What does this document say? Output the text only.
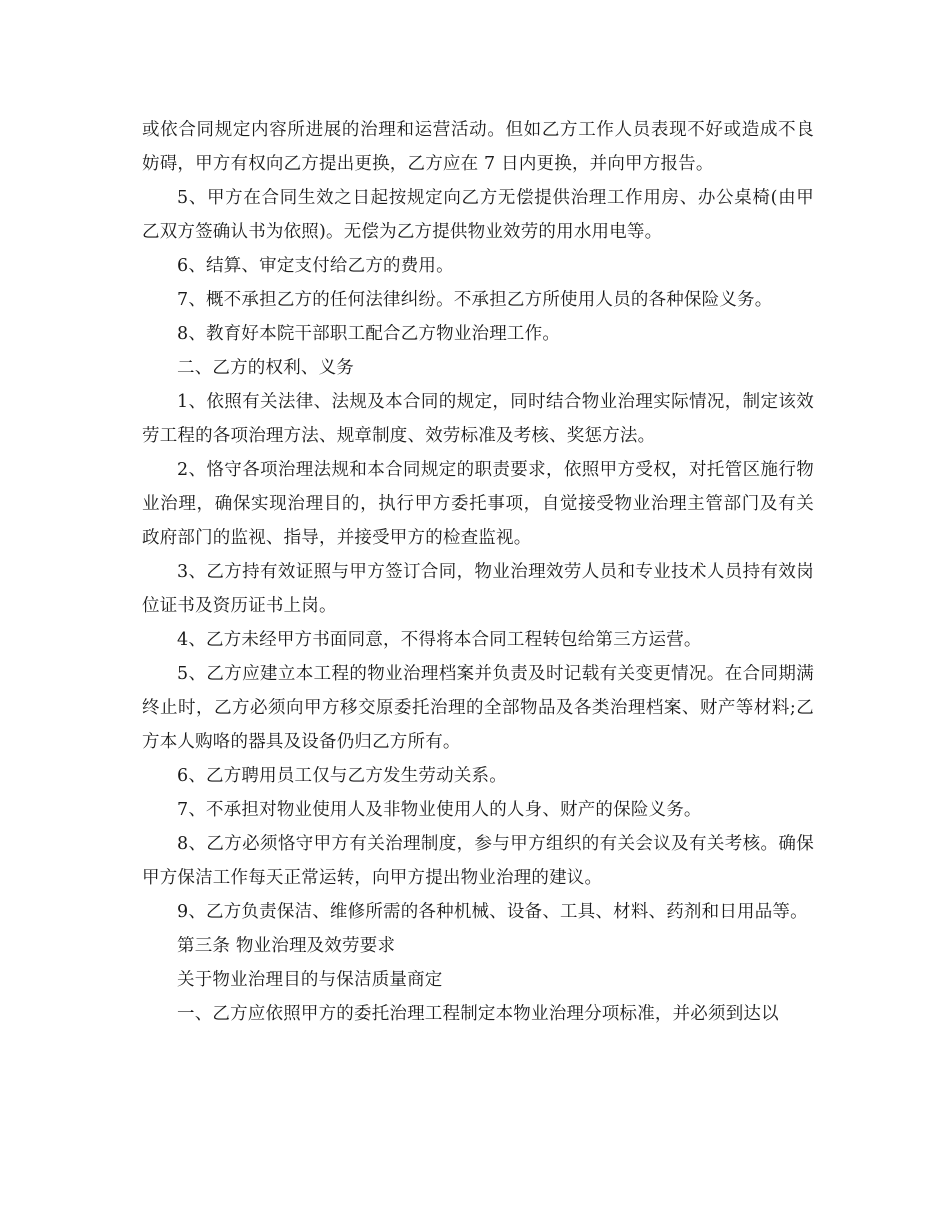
或依合同规定内容所进展的治理和运营活动。但如乙方工作人员表现不好或造成不良妨碍，甲方有权向乙方提出更换，乙方应在 7 日内更换，并向甲方报告。

5、甲方在合同生效之日起按规定向乙方无偿提供治理工作用房、办公桌椅(由甲乙双方签确认书为依照)。无偿为乙方提供物业效劳的用水用电等。

6、结算、审定支付给乙方的费用。

7、概不承担乙方的任何法律纠纷。不承担乙方所使用人员的各种保险义务。

8、教育好本院干部职工配合乙方物业治理工作。

二、乙方的权利、义务

1、依照有关法律、法规及本合同的规定，同时结合物业治理实际情况，制定该效劳工程的各项治理方法、规章制度、效劳标准及考核、奖惩方法。

2、恪守各项治理法规和本合同规定的职责要求，依照甲方受权，对托管区施行物业治理，确保实现治理目的，执行甲方委托事项，自觉接受物业治理主管部门及有关政府部门的监视、指导，并接受甲方的检查监视。

3、乙方持有效证照与甲方签订合同，物业治理效劳人员和专业技术人员持有效岗位证书及资历证书上岗。

4、乙方未经甲方书面同意，不得将本合同工程转包给第三方运营。

5、乙方应建立本工程的物业治理档案并负责及时记载有关变更情况。在合同期满终止时，乙方必须向甲方移交原委托治理的全部物品及各类治理档案、财产等材料;乙方本人购咯的器具及设备仍归乙方所有。

6、乙方聘用员工仅与乙方发生劳动关系。

7、不承担对物业使用人及非物业使用人的人身、财产的保险义务。

8、乙方必须恪守甲方有关治理制度，参与甲方组织的有关会议及有关考核。确保甲方保洁工作每天正常运转，向甲方提出物业治理的建议。

9、乙方负责保洁、维修所需的各种机械、设备、工具、材料、药剂和日用品等。

第三条 物业治理及效劳要求

关于物业治理目的与保洁质量商定

一、乙方应依照甲方的委托治理工程制定本物业治理分项标准，并必须到达以
